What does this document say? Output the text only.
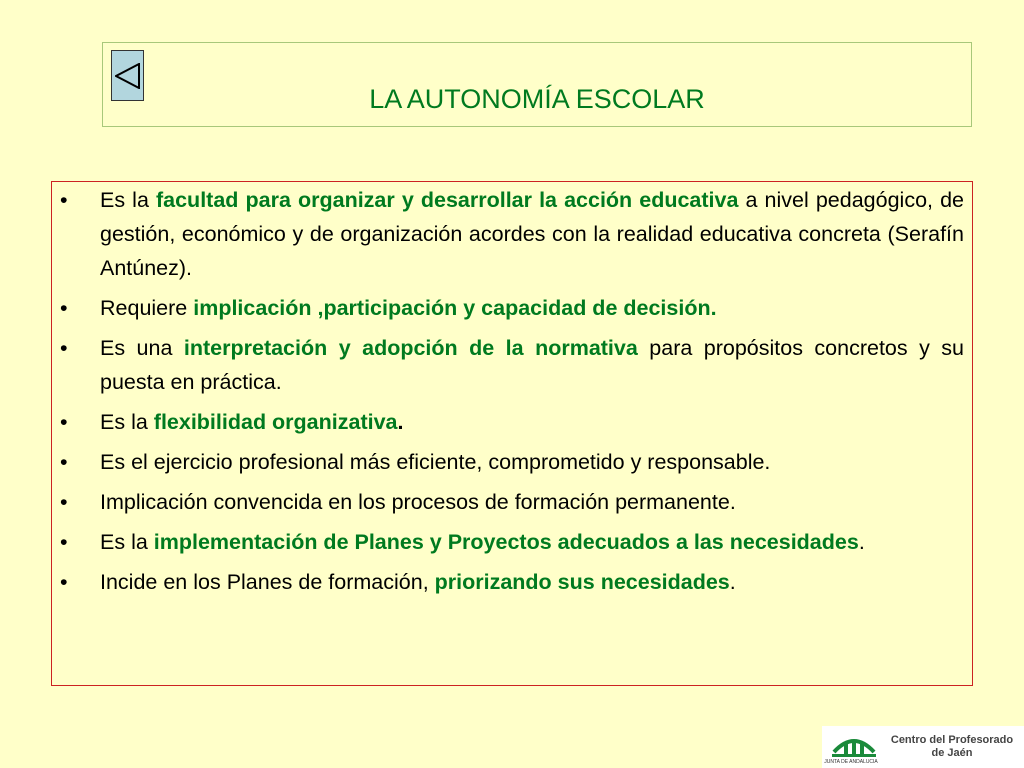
LA AUTONOMÍA ESCOLAR
• Es la facultad para organizar y desarrollar la acción educativa a nivel pedagógico, de gestión, económico y de organización acordes con la realidad educativa concreta (Serafín Antúnez).
• Requiere implicación ,participación y capacidad de decisión.
• Es una interpretación y adopción de la normativa para propósitos concretos y su puesta en práctica.
• Es la flexibilidad organizativa.
• Es el ejercicio profesional más eficiente, comprometido y responsable.
• Implicación convencida en los procesos de formación permanente.
• Es la implementación de Planes y Proyectos adecuados a las necesidades.
• Incide en los Planes de formación, priorizando sus necesidades.
JUNTA DE ANDALUCIA
Centro del Profesorado
de Jaén
